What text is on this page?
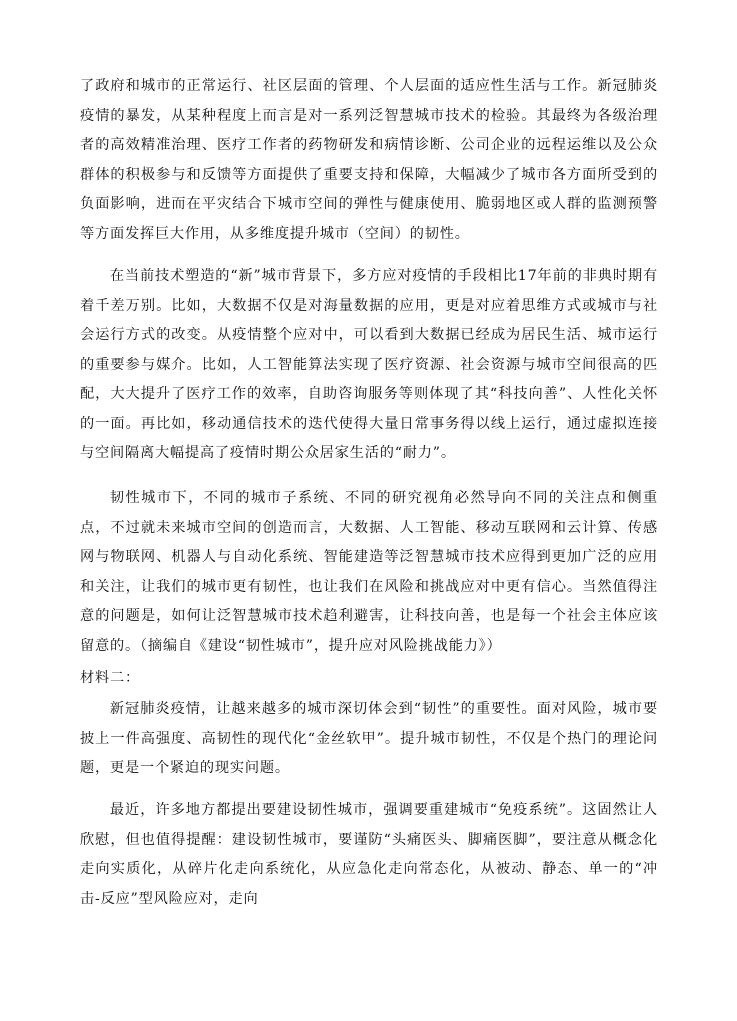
了政府和城市的正常运行、社区层面的管理、个人层面的适应性生活与工作。新冠肺炎疫情的暴发，从某种程度上而言是对一系列泛智慧城市技术的检验。其最终为各级治理者的高效精准治理、医疗工作者的药物研发和病情诊断、公司企业的远程运维以及公众群体的积极参与和反馈等方面提供了重要支持和保障，大幅减少了城市各方面所受到的负面影响，进而在平灾结合下城市空间的弹性与健康使用、脆弱地区或人群的监测预警等方面发挥巨大作用，从多维度提升城市（空间）的韧性。

在当前技术塑造的“新”城市背景下，多方应对疫情的手段相比17年前的非典时期有着千差万别。比如，大数据不仅是对海量数据的应用，更是对应着思维方式或城市与社会运行方式的改变。从疫情整个应对中，可以看到大数据已经成为居民生活、城市运行的重要参与媒介。比如，人工智能算法实现了医疗资源、社会资源与城市空间很高的匹配，大大提升了医疗工作的效率，自助咨询服务等则体现了其“科技向善”、人性化关怀的一面。再比如，移动通信技术的迭代使得大量日常事务得以线上运行，通过虚拟连接与空间隔离大幅提高了疫情时期公众居家生活的“耐力”。

韧性城市下，不同的城市子系统、不同的研究视角必然导向不同的关注点和侧重点，不过就未来城市空间的创造而言，大数据、人工智能、移动互联网和云计算、传感网与物联网、机器人与自动化系统、智能建造等泛智慧城市技术应得到更加广泛的应用和关注，让我们的城市更有韧性，也让我们在风险和挑战应对中更有信心。当然值得注意的问题是，如何让泛智慧城市技术趋利避害，让科技向善，也是每一个社会主体应该留意的。（摘编自《建设“韧性城市”，提升应对风险挑战能力》）

材料二：

新冠肺炎疫情，让越来越多的城市深切体会到“韧性”的重要性。面对风险，城市要披上一件高强度、高韧性的现代化“金丝软甲”。提升城市韧性，不仅是个热门的理论问题，更是一个紧迫的现实问题。

最近，许多地方都提出要建设韧性城市，强调要重建城市“免疫系统”。这固然让人欣慰，但也值得提醒：建设韧性城市，要谨防“头痛医头、脚痛医脚”，要注意从概念化走向实质化，从碎片化走向系统化，从应急化走向常态化，从被动、静态、单一的“冲击-反应”型风险应对，走向
